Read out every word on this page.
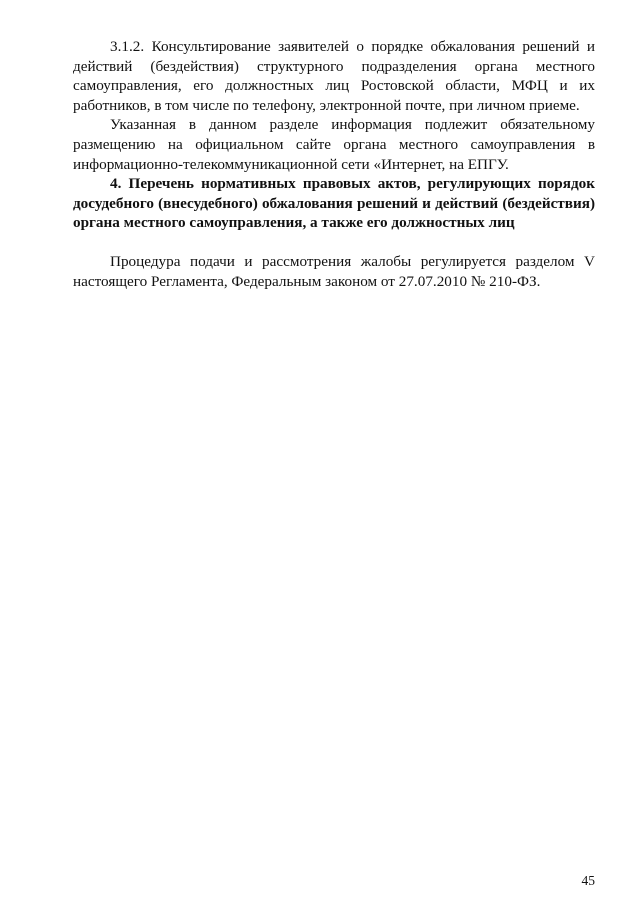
3.1.2. Консультирование заявителей о порядке обжалования решений и действий (бездействия) структурного подразделения органа местного самоуправления, его должностных лиц Ростовской области, МФЦ и их работников, в том числе по телефону, электронной почте, при личном приеме.

Указанная в данном разделе информация подлежит обязательному размещению на официальном сайте органа местного самоуправления в информационно-телекоммуникационной сети «Интернет, на ЕПГУ.

4. Перечень нормативных правовых актов, регулирующих порядок досудебного (внесудебного) обжалования решений и действий (бездействия) органа местного самоуправления, а также его должностных лиц

Процедура подачи и рассмотрения жалобы регулируется разделом V настоящего Регламента, Федеральным законом от 27.07.2010 № 210-ФЗ.

45
